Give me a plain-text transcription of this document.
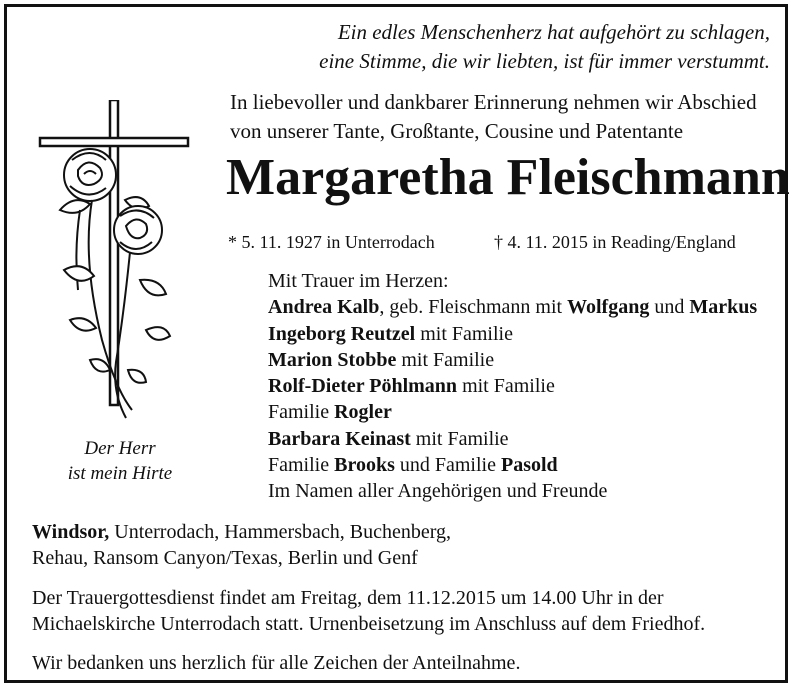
Ein edles Menschenherz hat aufgehört zu schlagen,
eine Stimme, die wir liebten, ist für immer verstummt.
In liebevoller und dankbarer Erinnerung nehmen wir Abschied
von unserer Tante, Großtante, Cousine und Patentante
Margaretha Fleischmann
* 5. 11. 1927 in Unterrodach	† 4. 11. 2015 in Reading/England
Der Herr
ist mein Hirte
Mit Trauer im Herzen:
Andrea Kalb, geb. Fleischmann mit Wolfgang und Markus
Ingeborg Reutzel mit Familie
Marion Stobbe mit Familie
Rolf-Dieter Pöhlmann mit Familie
Familie Rogler
Barbara Keinast mit Familie
Familie Brooks und Familie Pasold
Im Namen aller Angehörigen und Freunde
Windsor, Unterrodach, Hammersbach, Buchenberg,
Rehau, Ransom Canyon/Texas, Berlin und Genf
Der Trauergottesdienst findet am Freitag, dem 11.12.2015 um 14.00 Uhr in der
Michaelskirche Unterrodach statt. Urnenbeisetzung im Anschluss auf dem Friedhof.
Wir bedanken uns herzlich für alle Zeichen der Anteilnahme.
